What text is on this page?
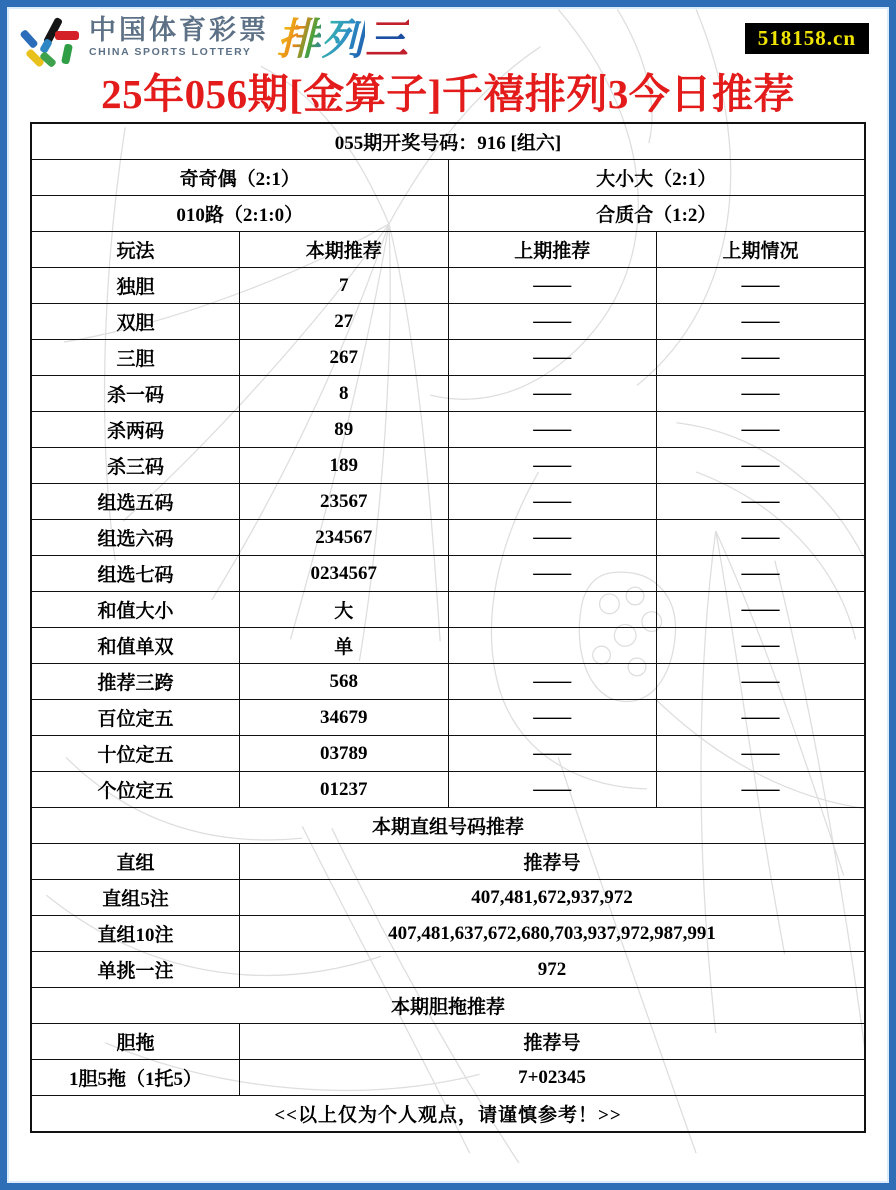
中国体育彩票
CHINA SPORTS LOTTERY 排 列 三	518158.cn
25年056期[金算子]千禧排列3今日推荐
055期开奖号码：916 [组六]			
奇奇偶（2:1）		大小大（2:1）	
010路（2:1:0）		合质合（1:2）	
玩法	本期推荐	上期推荐	上期情况
独胆	7	——	——
双胆	27	——	——
三胆	267	——	——
杀一码	8	——	——
杀两码	89	——	——
杀三码	189	——	——
组选五码	23567	——	——
组选六码	234567	——	——
组选七码	0234567	——	——
和值大小	大		——
和值单双	单		——
推荐三跨	568	——	——
百位定五	34679	——	——
十位定五	03789	——	——
个位定五	01237	——	——
本期直组号码推荐			
直组	推荐号		
直组5注	407,481,672,937,972		
直组10注	407,481,637,672,680,703,937,972,987,991		
单挑一注	972		
本期胆拖推荐			
胆拖	推荐号		
1胆5拖（1托5）	7+02345		
<<以上仅为个人观点，请谨慎参考！>>			
